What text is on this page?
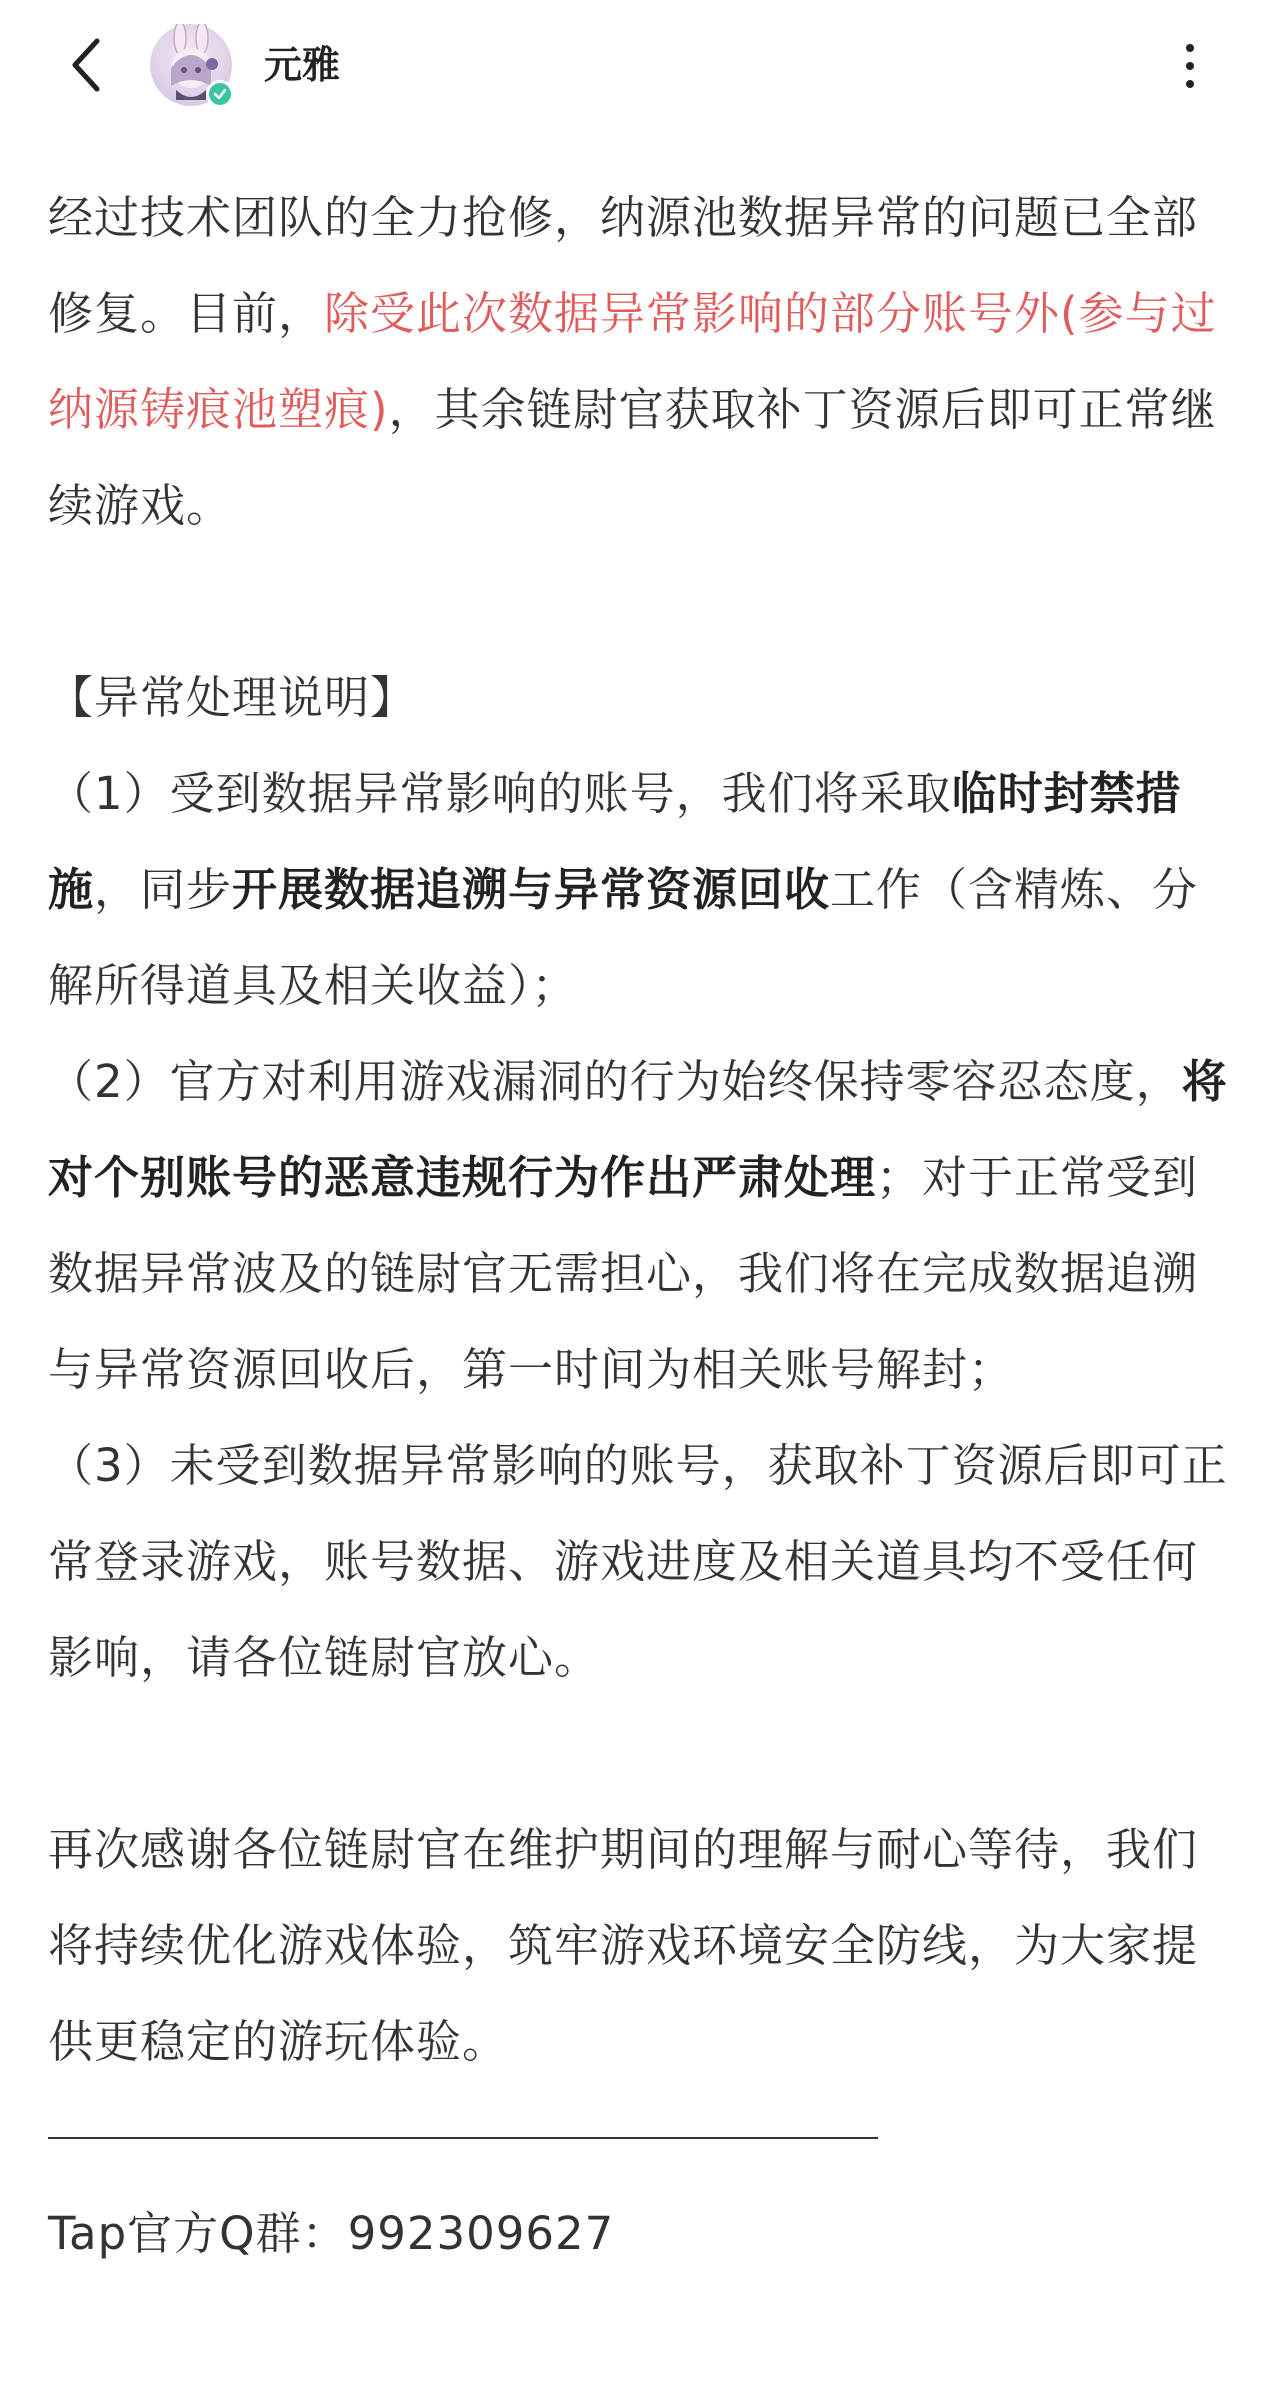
元雅

经过技术团队的全力抢修，纳源池数据异常的问题已全部修复。目前，除受此次数据异常影响的部分账号外(参与过纳源铸痕池塑痕)，其余链尉官获取补丁资源后即可正常继续游戏。

【异常处理说明】

（1）受到数据异常影响的账号，我们将采取临时封禁措施，同步开展数据追溯与异常资源回收工作（含精炼、分解所得道具及相关收益）；

（2）官方对利用游戏漏洞的行为始终保持零容忍态度，将对个别账号的恶意违规行为作出严肃处理；对于正常受到数据异常波及的链尉官无需担心，我们将在完成数据追溯与异常资源回收后，第一时间为相关账号解封；

（3）未受到数据异常影响的账号，获取补丁资源后即可正常登录游戏，账号数据、游戏进度及相关道具均不受任何影响，请各位链尉官放心。

再次感谢各位链尉官在维护期间的理解与耐心等待，我们将持续优化游戏体验，筑牢游戏环境安全防线，为大家提供更稳定的游玩体验。

Tap官方Q群：992309627
